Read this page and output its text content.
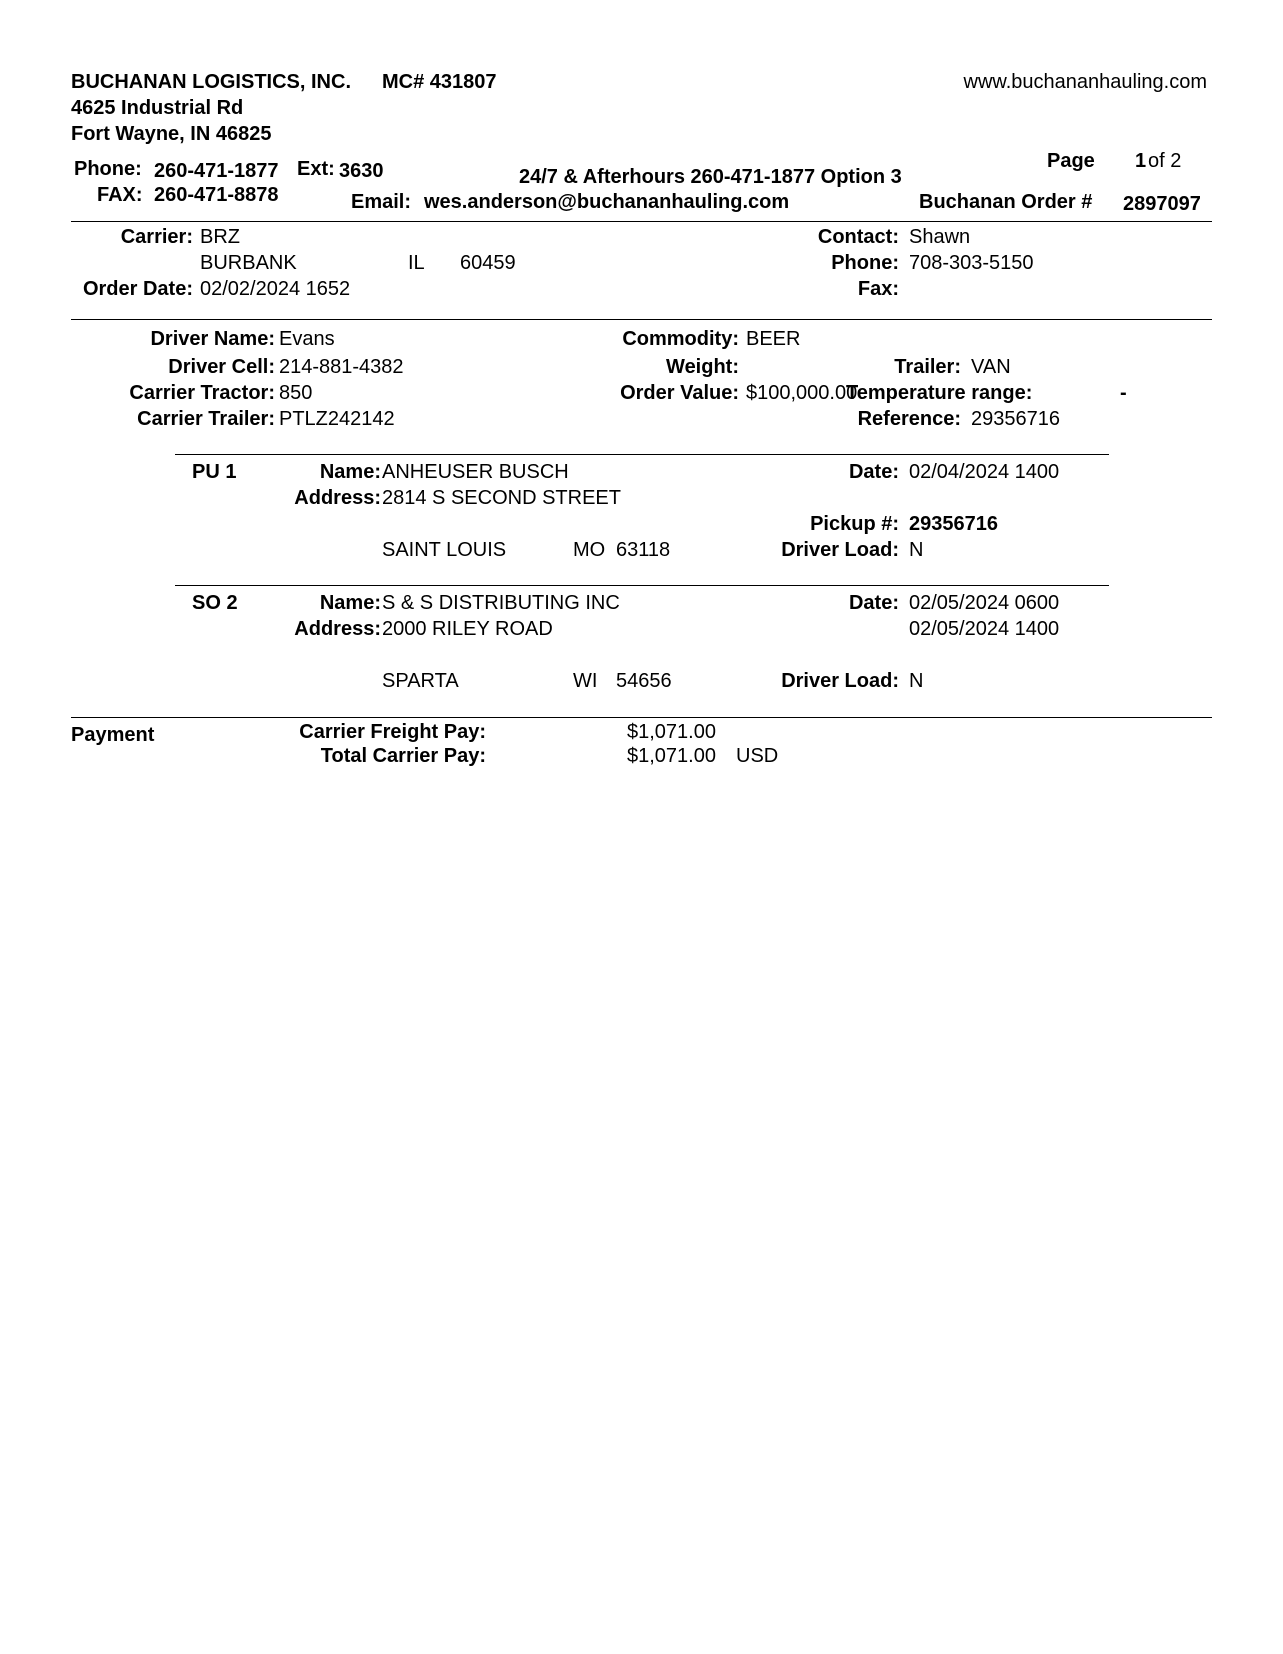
BUCHANAN LOGISTICS, INC. MC# 431807	www.buchananhauling.com
4625 Industrial Rd
Fort Wayne, IN 46825
Page 1 of 2
Phone: 260-471-1877 Ext: 3630	24/7 & Afterhours 260-471-1877 Option 3
FAX: 260-471-8878	Email: wes.anderson@buchananhauling.com	Buchanan Order # 2897097
Carrier: BRZ
BURBANK	IL 60459
Order Date: 02/02/2024 1652
Contact: Shawn
Phone: 708-303-5150
Fax:
Driver Name: Evans
Driver Cell: 214-881-4382
Carrier Tractor: 850
Carrier Trailer: PTLZ242142
Commodity: BEER
Weight:
Order Value: $100,000.00
Trailer: VAN
Temperature range:	-
Reference: 29356716
PU 1	Name: ANHEUSER BUSCH
Address: 2814 S SECOND STREET
SAINT LOUIS	MO 63118
Date: 02/04/2024 1400
Pickup #: 29356716
Driver Load: N
SO 2	Name: S & S DISTRIBUTING INC
Address: 2000 RILEY ROAD
SPARTA	WI 54656
Date: 02/05/2024 0600
02/05/2024 1400
Driver Load: N
Payment	Carrier Freight Pay:	$1,071.00
Total Carrier Pay:	$1,071.00 USD
